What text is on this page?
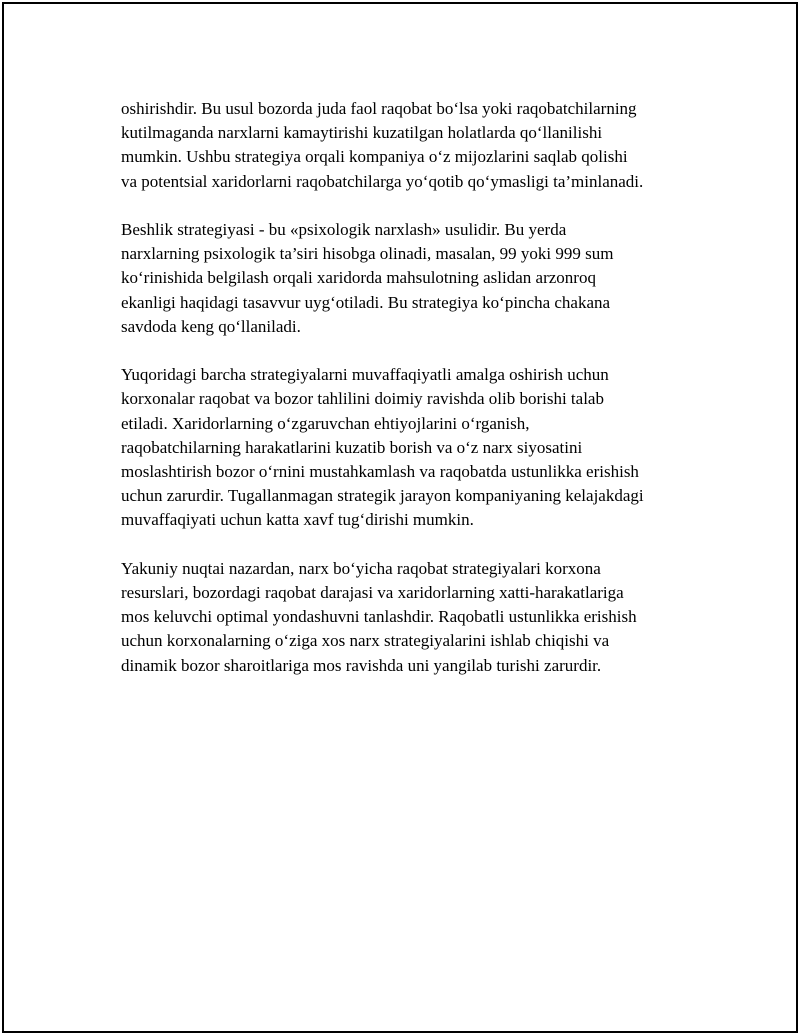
oshirishdir. Bu usul bozorda juda faol raqobat bo‘lsa yoki raqobatchilarning
kutilmaganda narxlarni kamaytirishi kuzatilgan holatlarda qo‘llanilishi
mumkin. Ushbu strategiya orqali kompaniya o‘z mijozlarini saqlab qolishi
va potentsial xaridorlarni raqobatchilarga yo‘qotib qo‘ymasligi ta’minlanadi.

Beshlik strategiyasi - bu «psixologik narxlash» usulidir. Bu yerda
narxlarning psixologik ta’siri hisobga olinadi, masalan, 99 yoki 999 sum
ko‘rinishida belgilash orqali xaridorda mahsulotning aslidan arzonroq
ekanligi haqidagi tasavvur uyg‘otiladi. Bu strategiya ko‘pincha chakana
savdoda keng qo‘llaniladi.

Yuqoridagi barcha strategiyalarni muvaffaqiyatli amalga oshirish uchun
korxonalar raqobat va bozor tahlilini doimiy ravishda olib borishi talab
etiladi. Xaridorlarning o‘zgaruvchan ehtiyojlarini o‘rganish,
raqobatchilarning harakatlarini kuzatib borish va o‘z narx siyosatini
moslashtirish bozor o‘rnini mustahkamlash va raqobatda ustunlikka erishish
uchun zarurdir. Tugallanmagan strategik jarayon kompaniyaning kelajakdagi
muvaffaqiyati uchun katta xavf tug‘dirishi mumkin.

Yakuniy nuqtai nazardan, narx bo‘yicha raqobat strategiyalari korxona
resurslari, bozordagi raqobat darajasi va xaridorlarning xatti-harakatlariga
mos keluvchi optimal yondashuvni tanlashdir. Raqobatli ustunlikka erishish
uchun korxonalarning o‘ziga xos narx strategiyalarini ishlab chiqishi va
dinamik bozor sharoitlariga mos ravishda uni yangilab turishi zarurdir.
